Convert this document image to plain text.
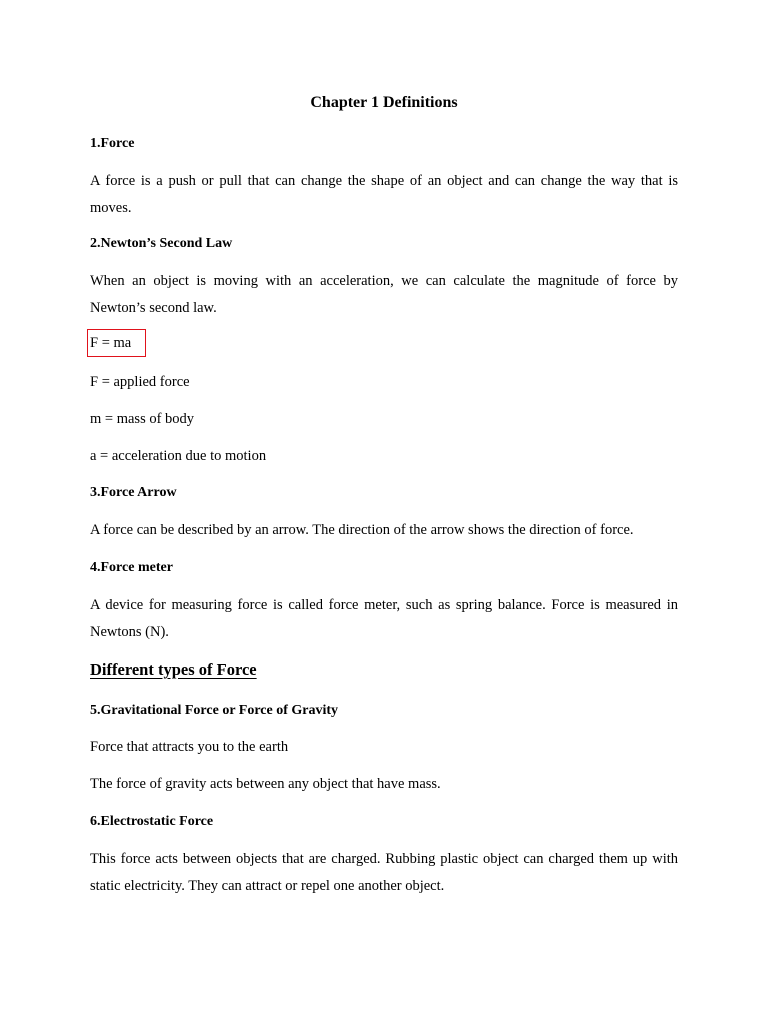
Chapter 1 Definitions
1.Force

A force is a push or pull that can change the shape of an object and can change the way that is moves.

2.Newton’s Second Law

When an object is moving with an acceleration, we can calculate the magnitude of force by Newton’s second law.

F = ma
F = applied force
m = mass of body
a = acceleration due to motion
3.Force Arrow

A force can be described by an arrow. The direction of the arrow shows the direction of force.

4.Force meter

A device for measuring force is called force meter, such as spring balance. Force is measured in Newtons (N).

Different types of Force
5.Gravitational Force or Force of Gravity
Force that attracts you to the earth
The force of gravity acts between any object that have mass.
6.Electrostatic Force

This force acts between objects that are charged. Rubbing plastic object can charged them up with static electricity. They can attract or repel one another object.
